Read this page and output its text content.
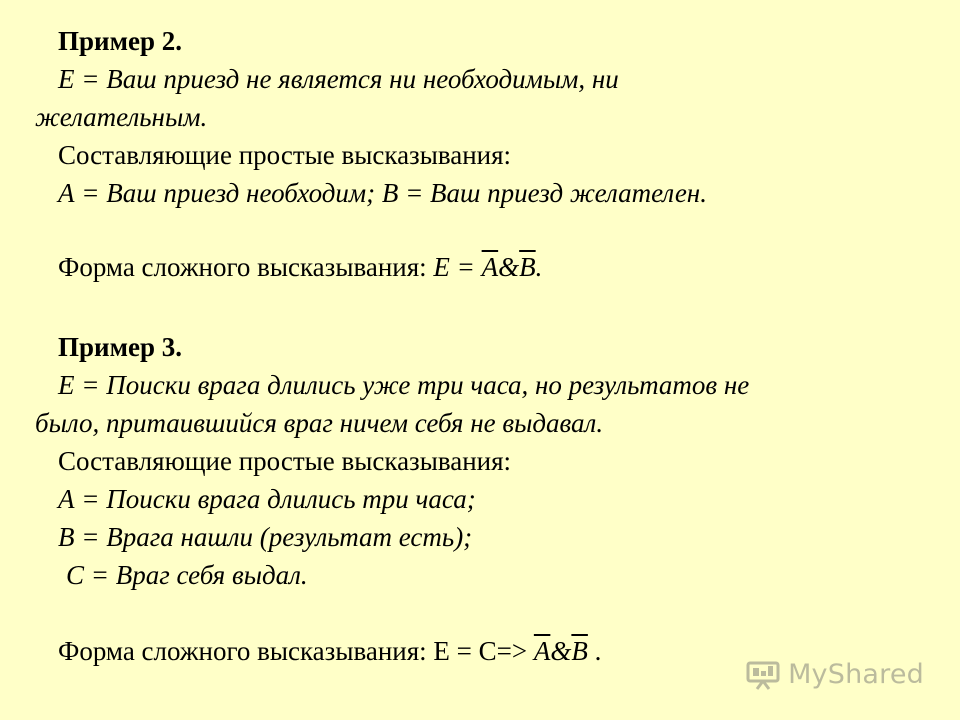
Пример 2.
Е = Ваш приезд не является ни необходимым, ни
желательным.
Составляющие простые высказывания:
А = Ваш приезд необходим; В = Ваш приезд желателен.
Форма сложного высказывания: Е = А&В.
Пример 3.
Е = Поиски врага длились уже три часа, но результатов не
было, притаившийся враг ничем себя не выдавал.
Составляющие простые высказывания:
А = Поиски врага длились три часа;
В = Врага нашли (результат есть);
С = Враг себя выдал.
Форма сложного высказывания: Е = С=> А&В .
MyShared
